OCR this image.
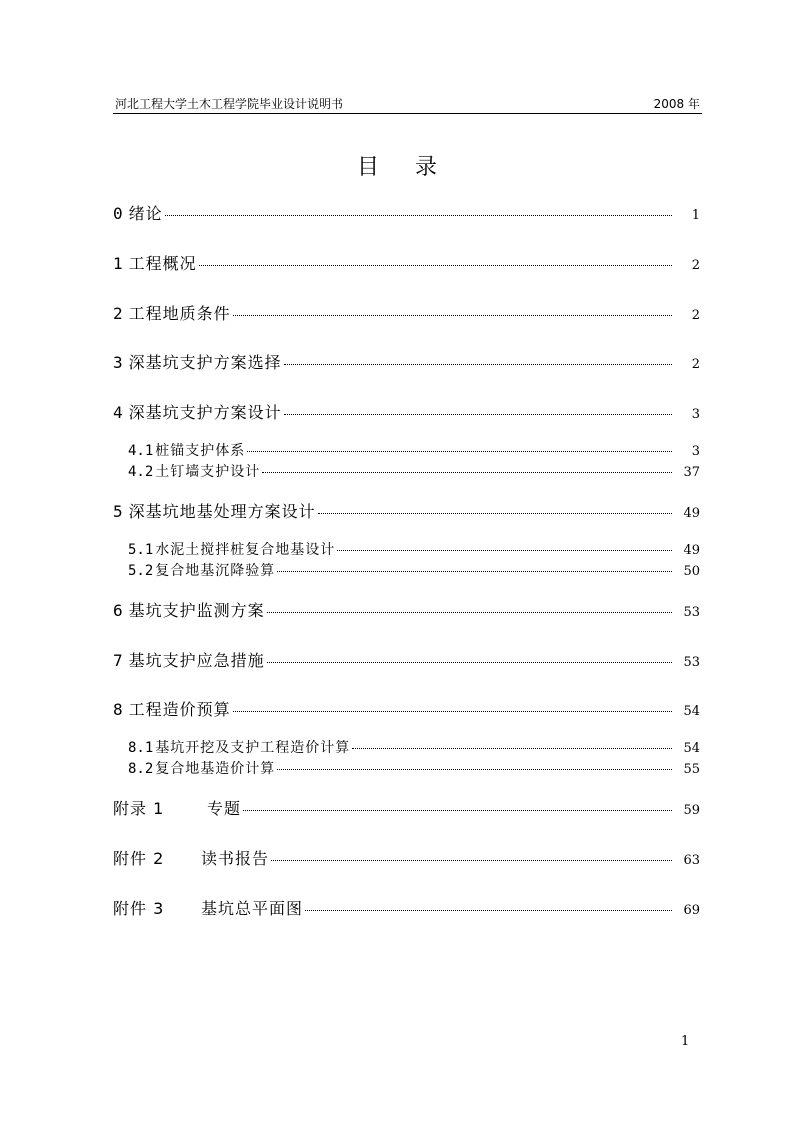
河北工程大学土木工程学院毕业设计说明书	2008 年
目录
0 绪论	1
1 工程概况	2
2 工程地质条件	2
3 深基坑支护方案选择	2
4 深基坑支护方案设计	3
4.1 桩锚支护体系	3
4.2 土钉墙支护设计	37
5 深基坑地基处理方案设计	49
5.1 水泥土搅拌桩复合地基设计	49
5.2 复合地基沉降验算	50
6 基坑支护监测方案	53
7 基坑支护应急措施	53
8 工程造价预算	54
8.1 基坑开挖及支护工程造价计算	54
8.2 复合地基造价计算	55
附录 1	专题	59
附件 2	读书报告	63
附件 3	基坑总平面图	69
1
